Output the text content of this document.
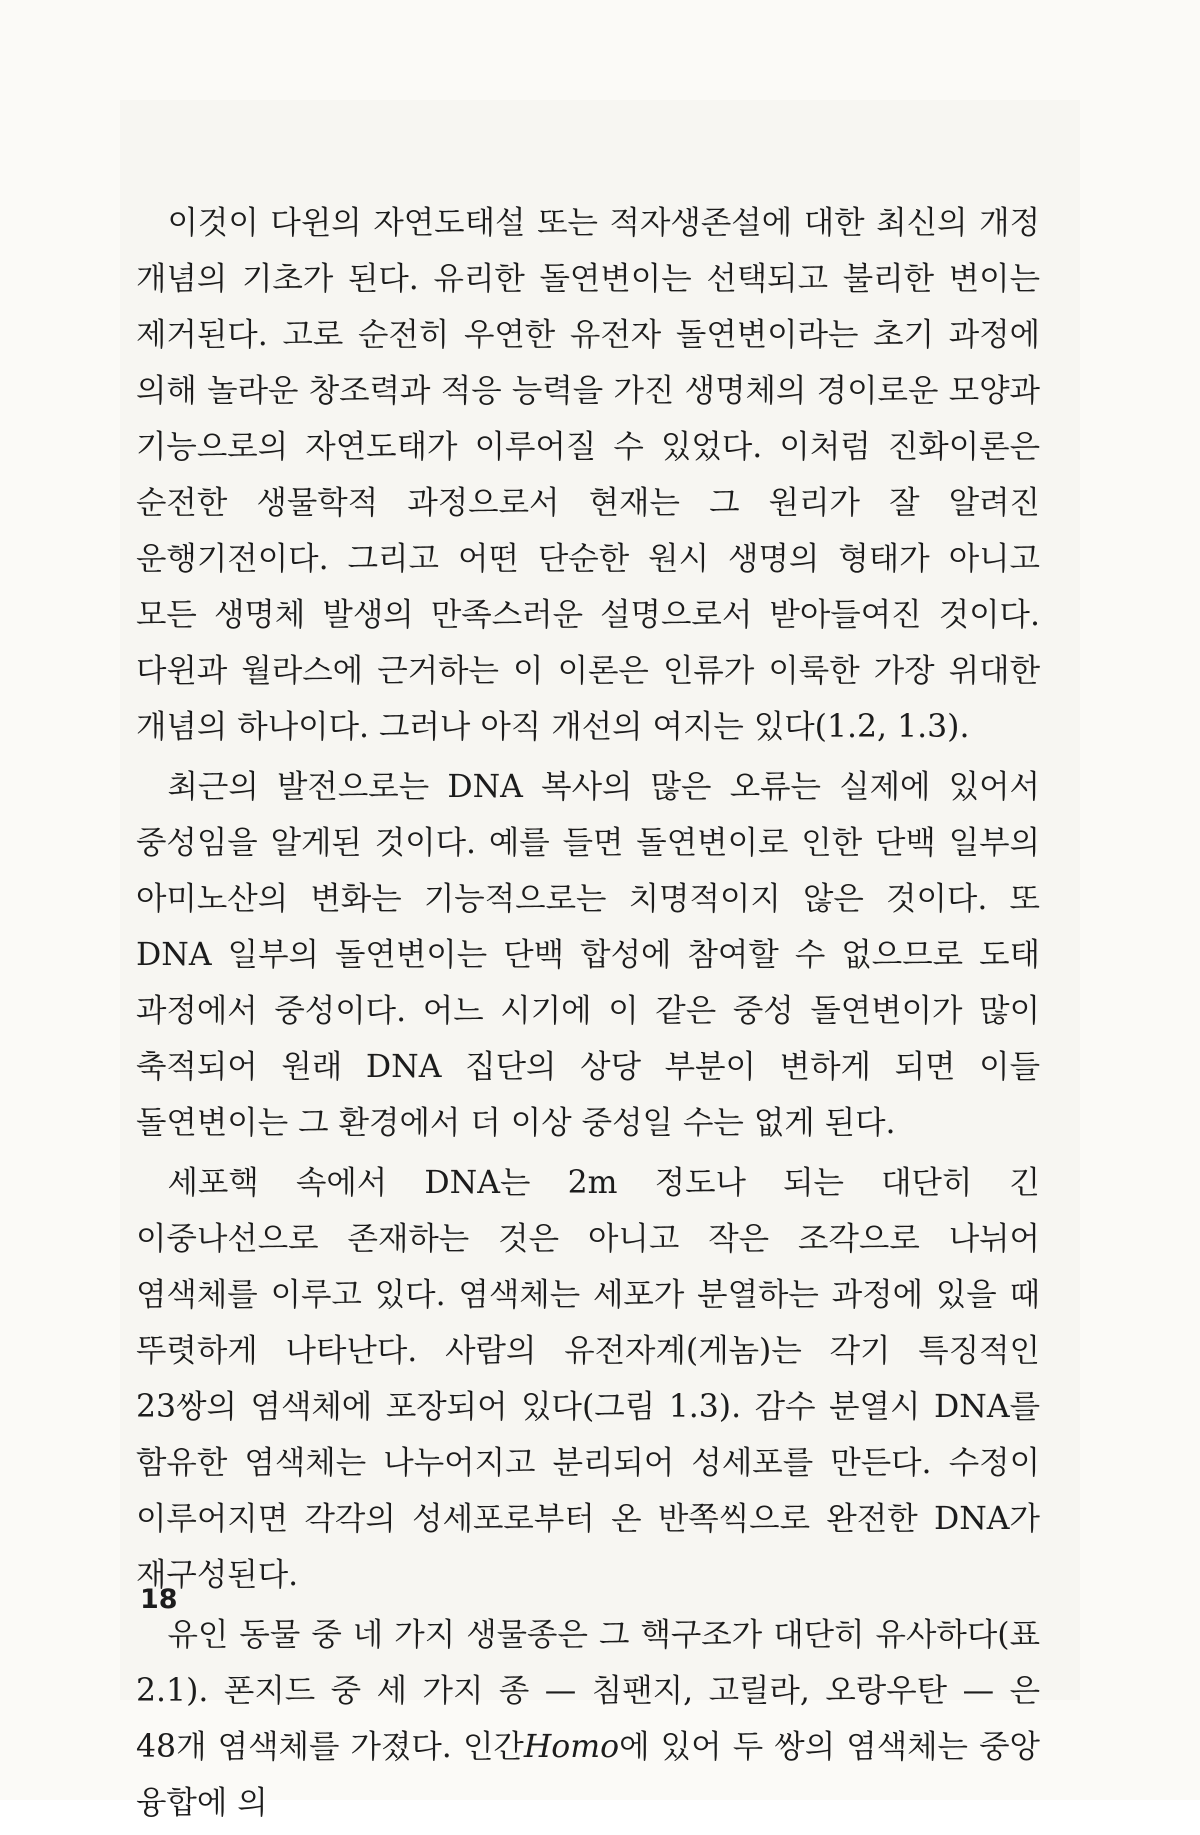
이것이 다윈의 자연도태설 또는 적자생존설에 대한 최신의 개정 개념의 기초가 된다. 유리한 돌연변이는 선택되고 불리한 변이는 제거된다. 고로 순전히 우연한 유전자 돌연변이라는 초기 과정에 의해 놀라운 창조력과 적응 능력을 가진 생명체의 경이로운 모양과 기능으로의 자연도태가 이루어질 수 있었다. 이처럼 진화이론은 순전한 생물학적 과정으로서 현재는 그 원리가 잘 알려진 운행기전이다. 그리고 어떤 단순한 원시 생명의 형태가 아니고 모든 생명체 발생의 만족스러운 설명으로서 받아들여진 것이다. 다윈과 월라스에 근거하는 이 이론은 인류가 이룩한 가장 위대한 개념의 하나이다. 그러나 아직 개선의 여지는 있다(1.2, 1.3).

최근의 발전으로는 DNA 복사의 많은 오류는 실제에 있어서 중성임을 알게된 것이다. 예를 들면 돌연변이로 인한 단백 일부의 아미노산의 변화는 기능적으로는 치명적이지 않은 것이다. 또 DNA 일부의 돌연변이는 단백 합성에 참여할 수 없으므로 도태 과정에서 중성이다. 어느 시기에 이 같은 중성 돌연변이가 많이 축적되어 원래 DNA 집단의 상당 부분이 변하게 되면 이들 돌연변이는 그 환경에서 더 이상 중성일 수는 없게 된다.

세포핵 속에서 DNA는 2m 정도나 되는 대단히 긴 이중나선으로 존재하는 것은 아니고 작은 조각으로 나뉘어 염색체를 이루고 있다. 염색체는 세포가 분열하는 과정에 있을 때 뚜렷하게 나타난다. 사람의 유전자계(게놈)는 각기 특징적인 23쌍의 염색체에 포장되어 있다(그림 1.3). 감수 분열시 DNA를 함유한 염색체는 나누어지고 분리되어 성세포를 만든다. 수정이 이루어지면 각각의 성세포로부터 온 반쪽씩으로 완전한 DNA가 재구성된다.

유인 동물 중 네 가지 생물종은 그 핵구조가 대단히 유사하다(표 2.1). 폰지드 중 세 가지 종 — 침팬지, 고릴라, 오랑우탄 — 은 48개 염색체를 가졌다. 인간Homo에 있어 두 쌍의 염색체는 중앙 융합에 의

18
